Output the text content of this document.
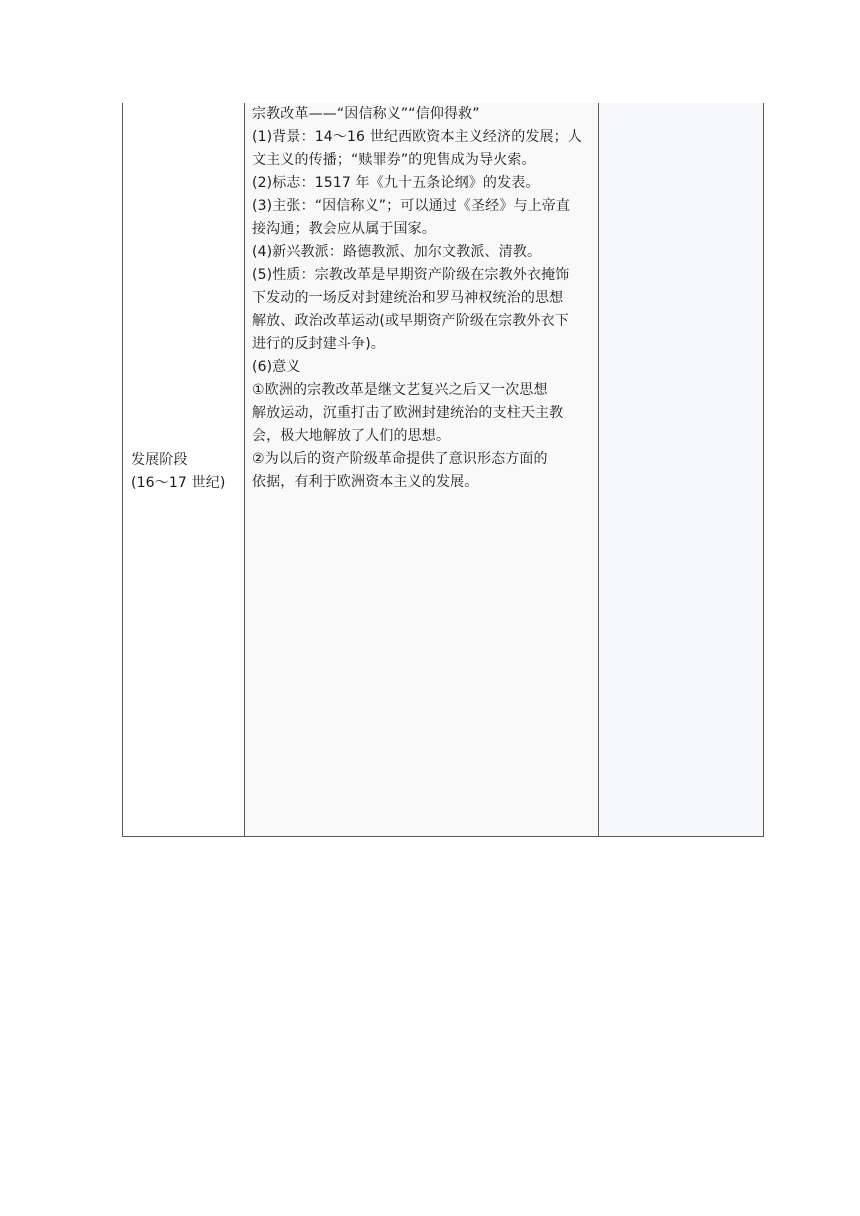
发展阶段
(16～17 世纪)
宗教改革——“因信称义”“信仰得救”
(1)背景：14～16 世纪西欧资本主义经济的发展；人
文主义的传播；“赎罪券”的兜售成为导火索。
(2)标志：1517 年《九十五条论纲》的发表。
(3)主张：“因信称义”；可以通过《圣经》与上帝直
接沟通；教会应从属于国家。
(4)新兴教派：路德教派、加尔文教派、清教。
(5)性质：宗教改革是早期资产阶级在宗教外衣掩饰
下发动的一场反对封建统治和罗马神权统治的思想
解放、政治改革运动(或早期资产阶级在宗教外衣下
进行的反封建斗争)。
(6)意义
①欧洲的宗教改革是继文艺复兴之后又一次思想
解放运动，沉重打击了欧洲封建统治的支柱天主教
会，极大地解放了人们的思想。
②为以后的资产阶级革命提供了意识形态方面的
依据，有利于欧洲资本主义的发展。
